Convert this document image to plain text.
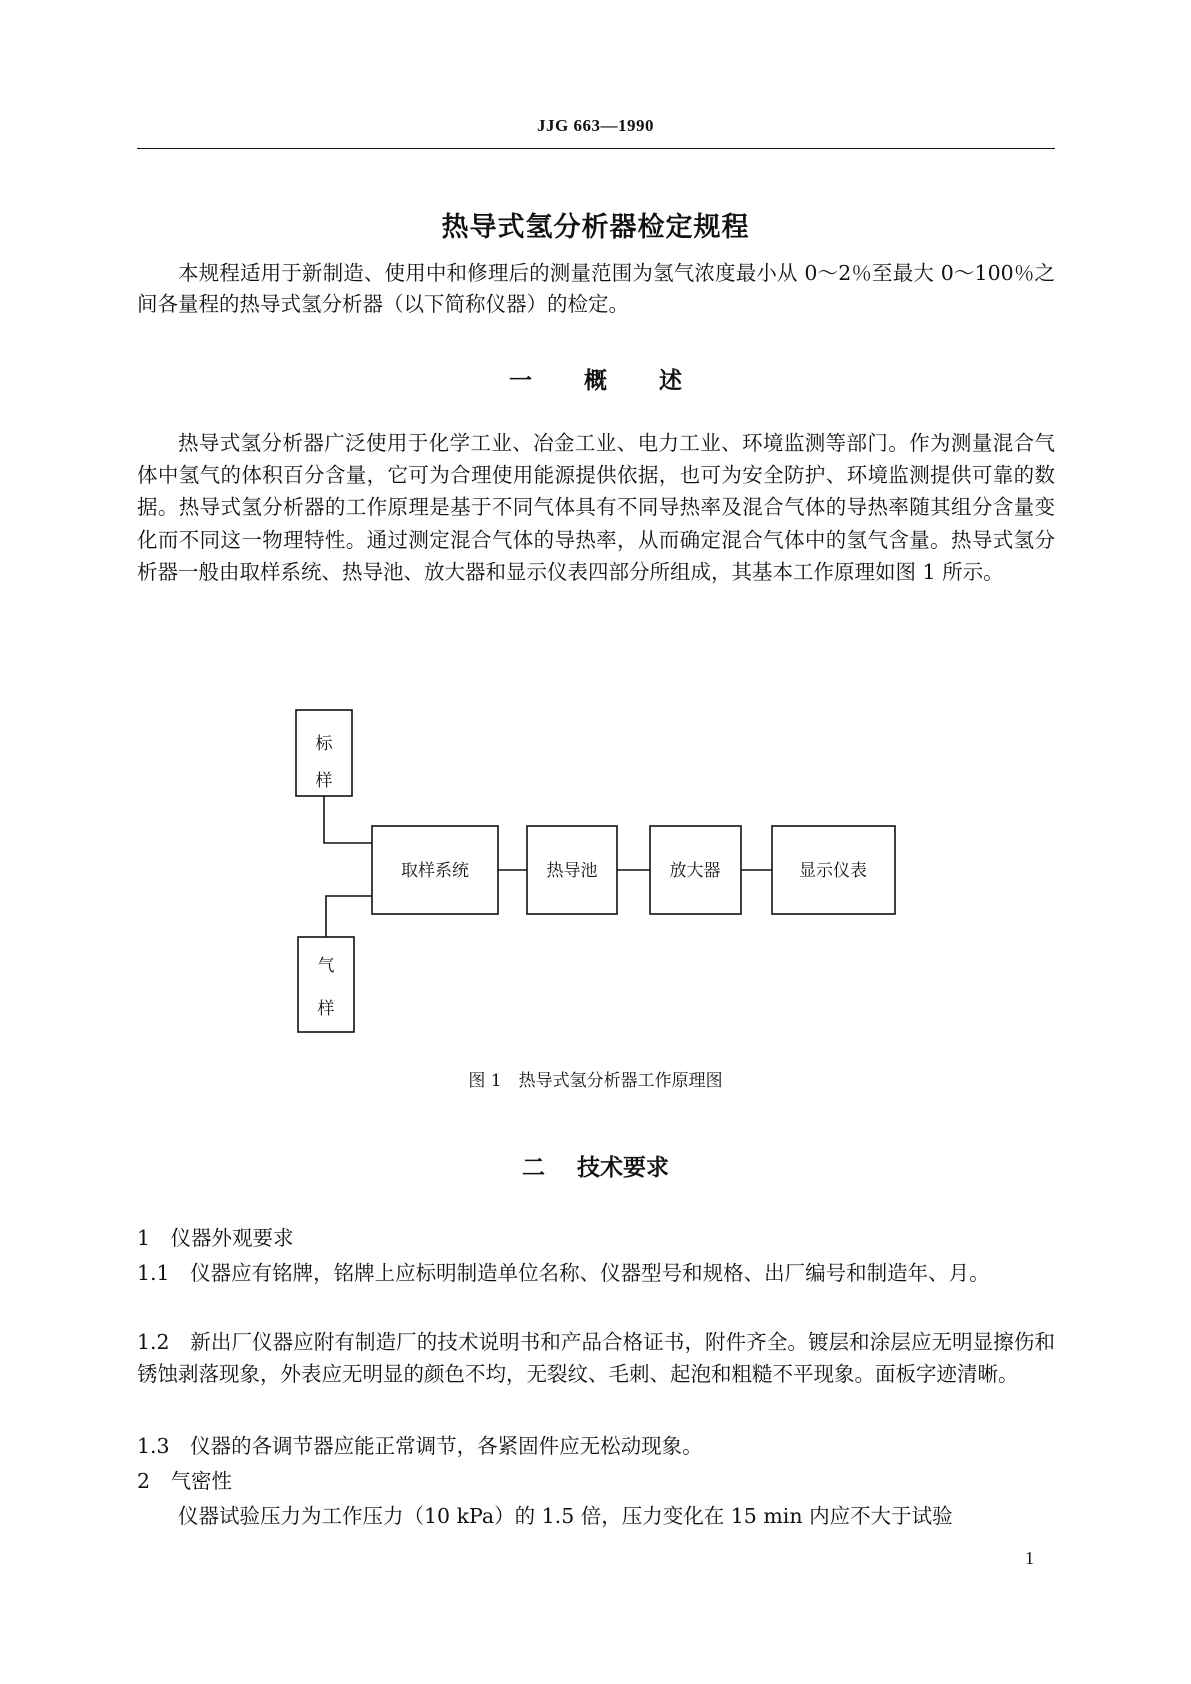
JJG 663—1990
热导式氢分析器检定规程

本规程适用于新制造、使用中和修理后的测量范围为氢气浓度最小从 0～2％至最大 0～100％之间各量程的热导式氢分析器（以下简称仪器）的检定。

一 概 述

热导式氢分析器广泛使用于化学工业、冶金工业、电力工业、环境监测等部门。作为测量混合气体中氢气的体积百分含量，它可为合理使用能源提供依据，也可为安全防护、环境监测提供可靠的数据。热导式氢分析器的工作原理是基于不同气体具有不同导热率及混合气体的导热率随其组分含量变化而不同这一物理特性。通过测定混合气体的导热率，从而确定混合气体中的氢气含量。热导式氢分析器一般由取样系统、热导池、放大器和显示仪表四部分所组成，其基本工作原理如图 1 所示。

标
样
气
样
取样系统	热导池	放大器	显示仪表
图 1　热导式氢分析器工作原理图
二 技术要求

1　仪器外观要求

1.1　仪器应有铭牌，铭牌上应标明制造单位名称、仪器型号和规格、出厂编号和制造年、月。

1.2　新出厂仪器应附有制造厂的技术说明书和产品合格证书，附件齐全。镀层和涂层应无明显擦伤和锈蚀剥落现象，外表应无明显的颜色不均，无裂纹、毛刺、起泡和粗糙不平现象。面板字迹清晰。

1.3　仪器的各调节器应能正常调节，各紧固件应无松动现象。

2　气密性

仪器试验压力为工作压力（10 kPa）的 1.5 倍，压力变化在 15 min 内应不大于试验

1
